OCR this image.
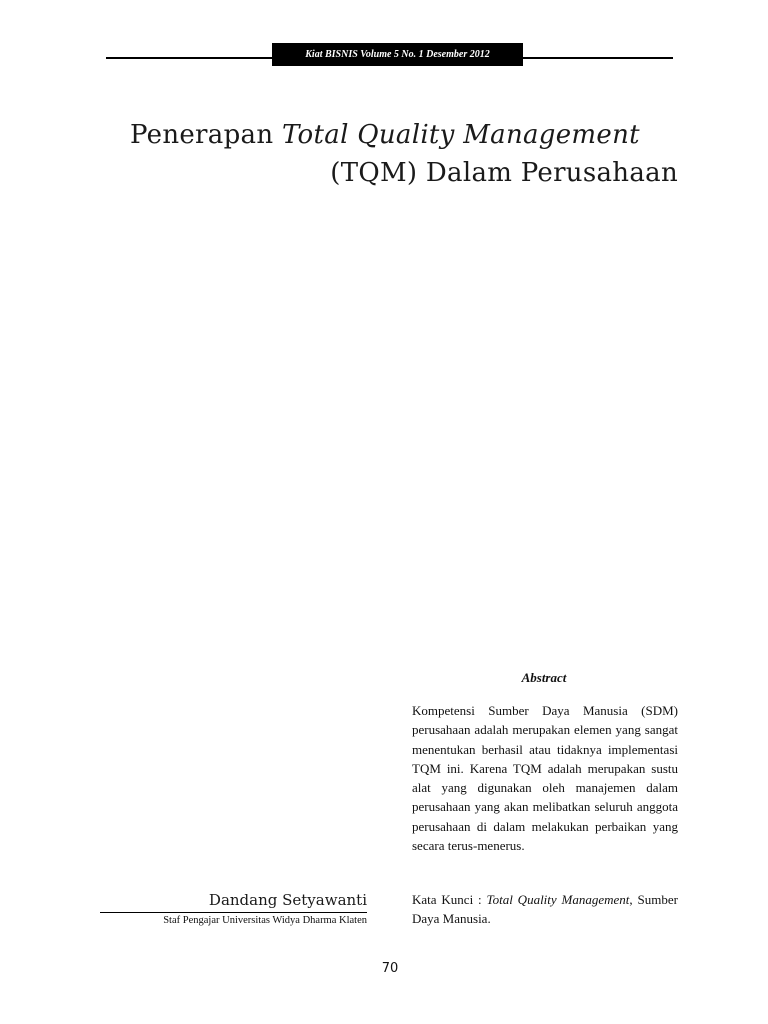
Kiat BISNIS Volume 5 No. 1 Desember 2012
Penerapan Total Quality Management
(TQM) Dalam Perusahaan
Abstract

Kompetensi Sumber Daya Manusia (SDM) perusahaan adalah merupakan elemen yang sangat menentukan berhasil atau tidaknya implementasi TQM ini. Karena TQM adalah merupakan sustu alat yang digunakan oleh manajemen dalam perusahaan yang akan melibatkan seluruh anggota perusahaan di dalam melakukan perbaikan yang secara terus-menerus.

Kata Kunci : Total Quality Management, Sumber Daya Manusia.

Dandang Setyawanti
Staf Pengajar Universitas Widya Dharma Klaten
70
